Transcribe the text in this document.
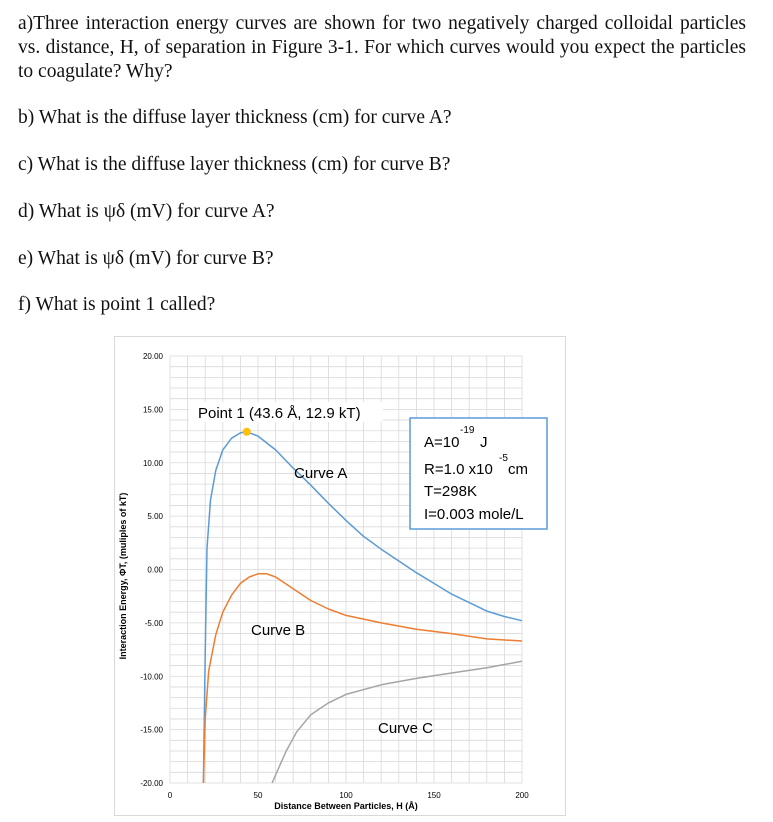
a)Three interaction energy curves are shown for two negatively charged colloidal particles vs. distance, H, of separation in Figure 3-1. For which curves would you expect the particles to coagulate? Why?
b) What is the diffuse layer thickness (cm) for curve A?
c) What is the diffuse layer thickness (cm) for curve B?
d) What is ψδ (mV) for curve A?
e) What is ψδ (mV) for curve B?
f) What is point 1 called?
20.00
15.00
10.00
5.00
0.00
-5.00
-10.00
-15.00
-20.00
0	50	100	150	200
Interaction Energy, ΦT, (muliples of kT)
Distance Between Particles, H (Å)
Point 1 (43.6 Å, 12.9 kT)
Curve A
Curve B
Curve C
A=10
-19
J
R=1.0 x10
-5
cm
T=298K
I=0.003 mole/L
